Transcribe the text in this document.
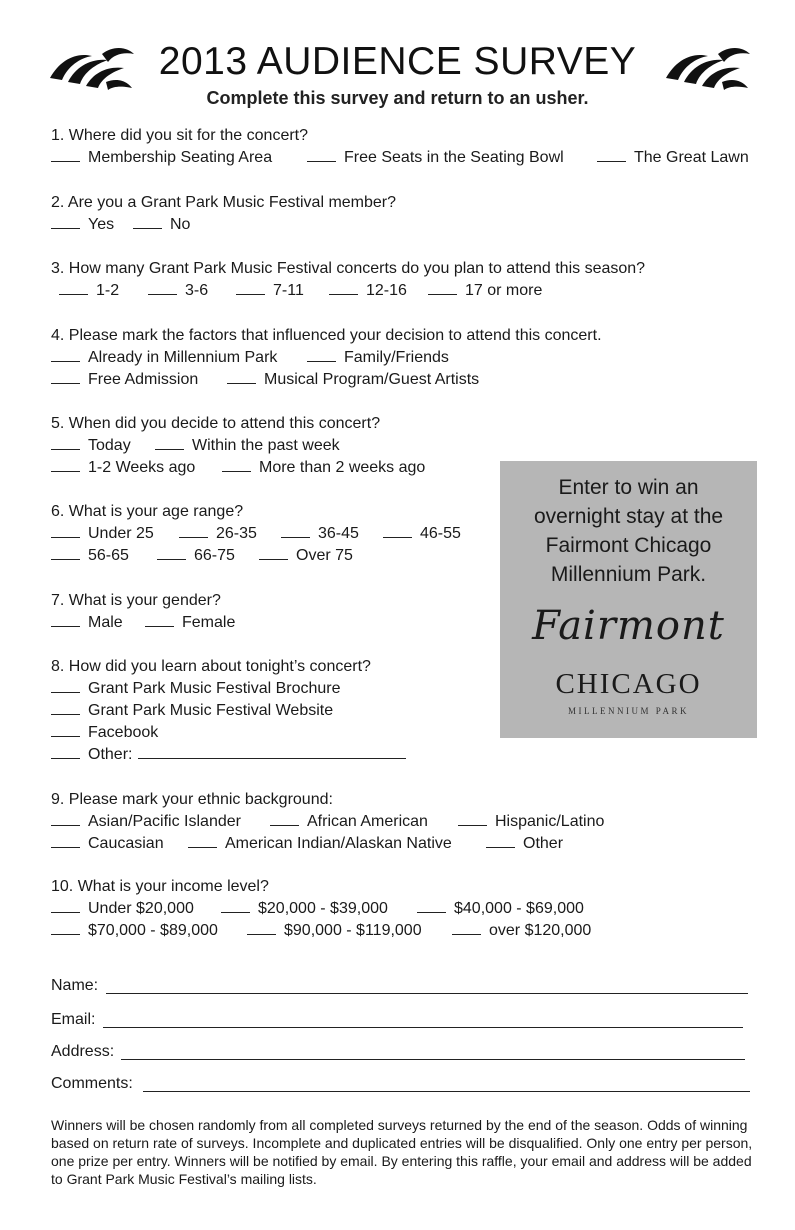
2013 AUDIENCE SURVEY
Complete this survey and return to an usher.
1. Where did you sit for the concert?
Membership Seating Area	Free Seats in the Seating Bowl	The Great Lawn
2. Are you a Grant Park Music Festival member?
Yes	No
3. How many Grant Park Music Festival concerts do you plan to attend this season?
1-2	3-6	7-11	12-16	17 or more
4. Please mark the factors that influenced your decision to attend this concert.
Already in Millennium Park	Family/Friends
Free Admission	Musical Program/Guest Artists
5. When did you decide to attend this concert?
Today	Within the past week
1-2 Weeks ago	More than 2 weeks ago
6. What is your age range?
Under 25	26-35	36-45	46-55
56-65	66-75	Over 75
7. What is your gender?
Male	Female
8. How did you learn about tonight’s concert?
Grant Park Music Festival Brochure
Grant Park Music Festival Website
Facebook
Other:
9. Please mark your ethnic background:
Asian/Pacific Islander	African American	Hispanic/Latino
Caucasian	American Indian/Alaskan Native	Other
10. What is your income level?
Under $20,000	$20,000 - $39,000	$40,000 - $69,000
$70,000 - $89,000	$90,000 - $119,000	over $120,000
Enter to win an
overnight stay at the
Fairmont Chicago
Millennium Park.
Fairmont
CHICAGO
MILLENNIUM PARK
Name:
Email:
Address:
Comments:
Winners will be chosen randomly from all completed surveys returned by the end of the season. Odds of winning based on return rate of surveys. Incomplete and duplicated entries will be disqualified. Only one entry per person, one prize per entry. Winners will be notified by email. By entering this raffle, your email and address will be added to Grant Park Music Festival’s mailing lists.
